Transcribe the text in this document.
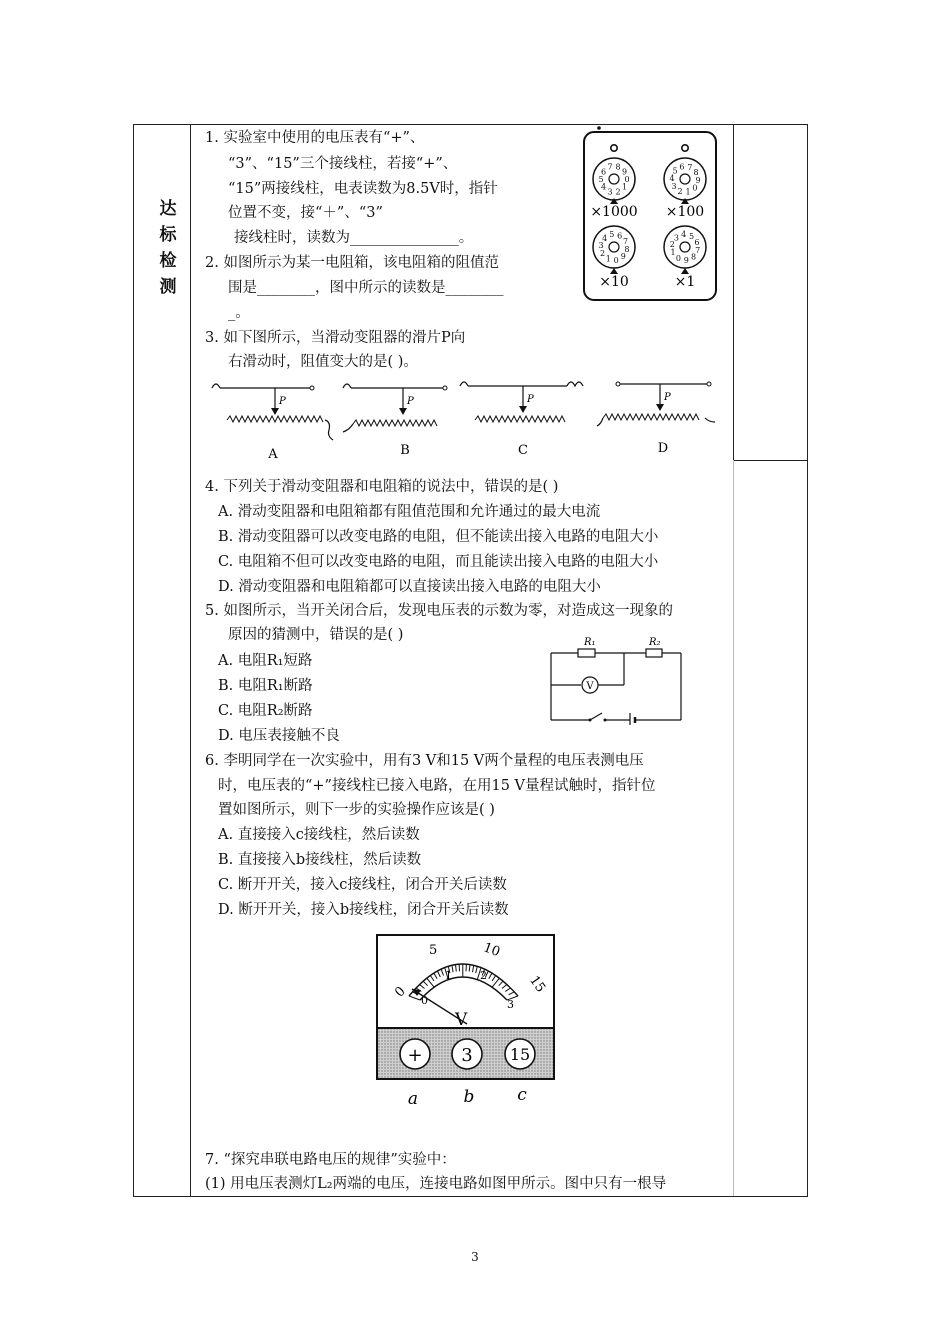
达
标
检
测
1. 实验室中使用的电压表有“+”、
“3”、“15”三个接线柱，若接“+”、
“15”两接线柱，电表读数为8.5V时，指针
位置不变，接“＋”、“3”
接线柱时，读数为_______________。
×1000 ×100
×10	×1
0
1
2
3
4
5
6
7 8
9
0
1
2
3
4
5 6 7
8
9
0
1
2
3
4 5 6
7
8
9	0
1
2
3 4 5
6
7
8
9
2. 如图所示为某一电阻箱，该电阻箱的阻值范
围是________，图中所示的读数是________
_。
3. 如下图所示，当滑动变阻器的滑片P向
右滑动时，阻值变大的是( )。
P
A
P
B
P
C
P
D
4. 下列关于滑动变阻器和电阻箱的说法中，错误的是( )
A. 滑动变阻器和电阻箱都有阻值范围和允许通过的最大电流
B. 滑动变阻器可以改变电路的电阻，但不能读出接入电路的电阻大小
C. 电阻箱不但可以改变电路的电阻，而且能读出接入电路的电阻大小
D. 滑动变阻器和电阻箱都可以直接读出接入电路的电阻大小
5. 如图所示，当开关闭合后，发现电压表的示数为零，对造成这一现象的
原因的猜测中，错误的是( )
A. 电阻R₁短路
B. 电阻R₁断路
C. 电阻R₂断路
D. 电压表接触不良
R₁	R₂
V
6. 李明同学在一次实验中，用有3 V和15 V两个量程的电压表测电压
时，电压表的“+”接线柱已接入电路，在用15 V量程试触时，指针位
置如图所示，则下一步的实验操作应该是( )
A. 直接接入c接线柱，然后读数
B. 直接接入b接线柱，然后读数
C. 断开开关，接入c接线柱，闭合开关后读数
D. 断开开关，接入b接线柱，闭合开关后读数
0
5	10
15
0
1	2
3
V
+ 3 15
a	b	c
7. “探究串联电路电压的规律”实验中：
(1) 用电压表测灯L₂两端的电压，连接电路如图甲所示。图中只有一根导
3
